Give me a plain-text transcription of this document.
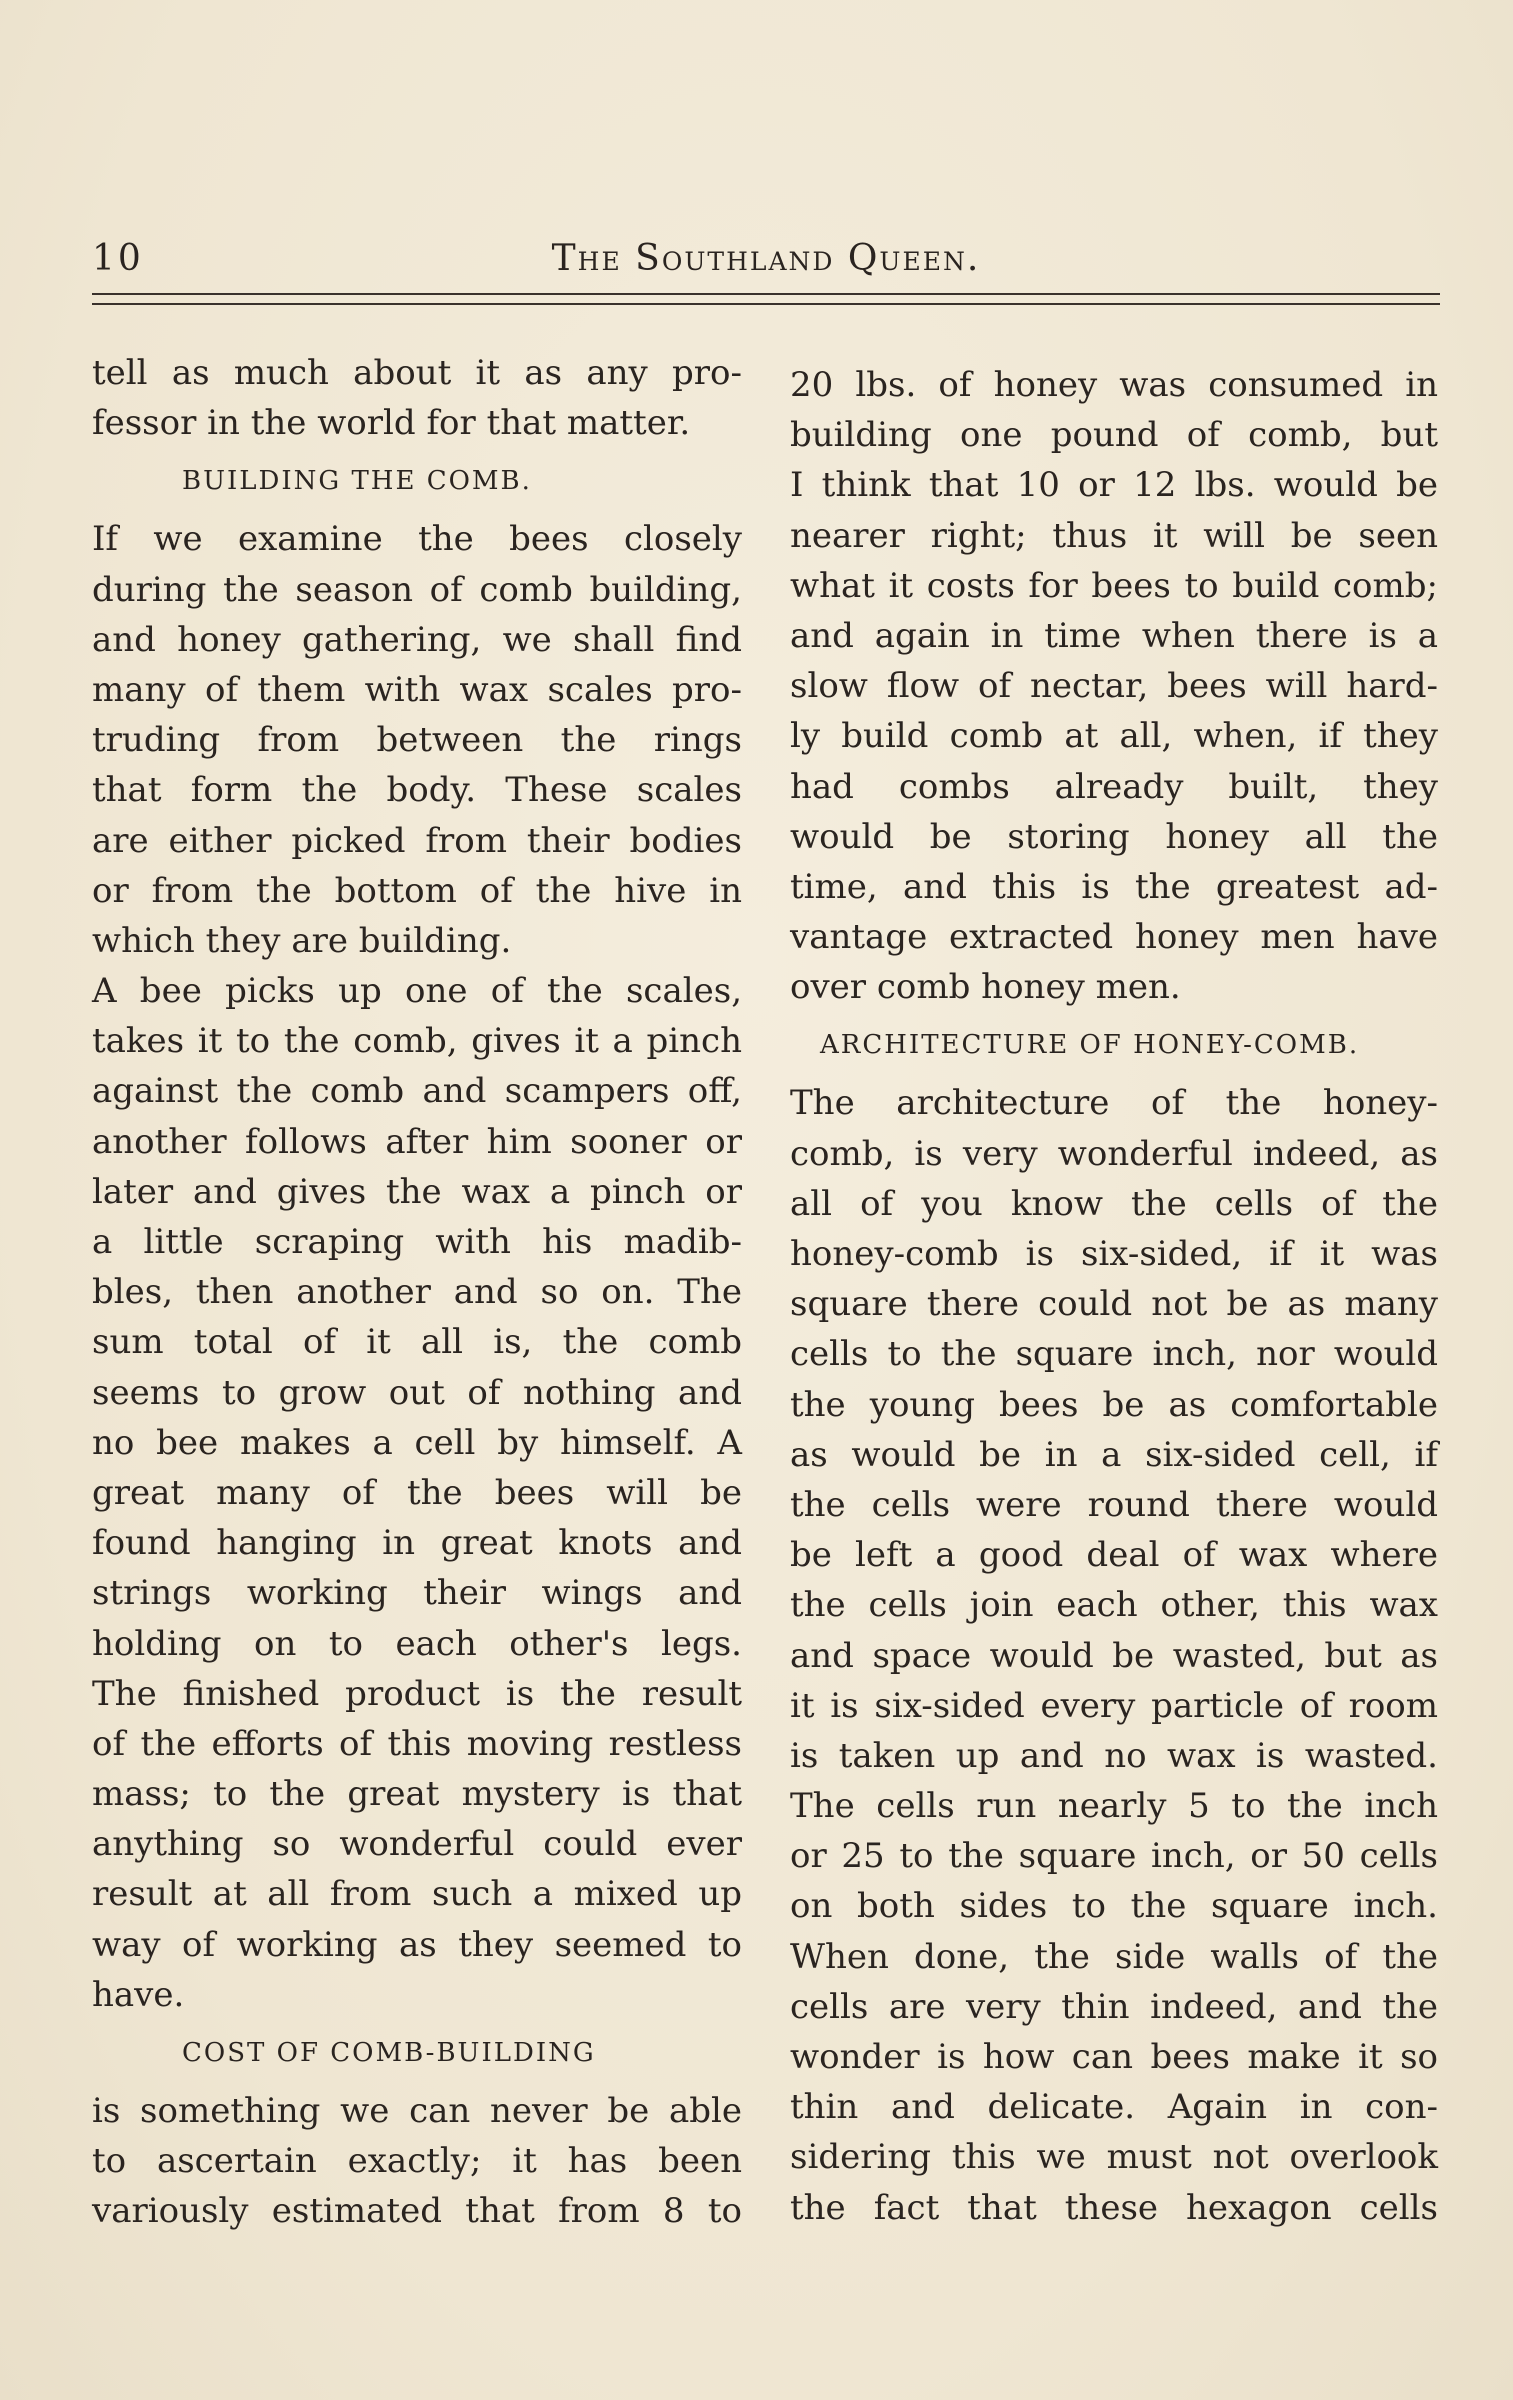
10	The Southland Queen.
tell as much about it as any pro-
fessor in the world for that matter.
BUILDING THE COMB.
If we examine the bees closely
during the season of comb building,
and honey gathering, we shall find
many of them with wax scales pro-
truding from between the rings
that form the body. These scales
are either picked from their bodies
or from the bottom of the hive in
which they are building.
A bee picks up one of the scales,
takes it to the comb, gives it a pinch
against the comb and scampers off,
another follows after him sooner or
later and gives the wax a pinch or
a little scraping with his madib-
bles, then another and so on. The
sum total of it all is, the comb
seems to grow out of nothing and
no bee makes a cell by himself. A
great many of the bees will be
found hanging in great knots and
strings working their wings and
holding on to each other's legs.
The finished product is the result
of the efforts of this moving restless
mass; to the great mystery is that
anything so wonderful could ever
result at all from such a mixed up
way of working as they seemed to
have.
COST OF COMB-BUILDING
is something we can never be able
to ascertain exactly; it has been
variously estimated that from 8 to
20 lbs. of honey was consumed in
building one pound of comb, but
I think that 10 or 12 lbs. would be
nearer right; thus it will be seen
what it costs for bees to build comb;
and again in time when there is a
slow flow of nectar, bees will hard-
ly build comb at all, when, if they
had combs already built, they
would be storing honey all the
time, and this is the greatest ad-
vantage extracted honey men have
over comb honey men.
ARCHITECTURE OF HONEY-COMB.
The architecture of the honey-
comb, is very wonderful indeed, as
all of you know the cells of the
honey-comb is six-sided, if it was
square there could not be as many
cells to the square inch, nor would
the young bees be as comfortable
as would be in a six-sided cell, if
the cells were round there would
be left a good deal of wax where
the cells join each other, this wax
and space would be wasted, but as
it is six-sided every particle of room
is taken up and no wax is wasted.
The cells run nearly 5 to the inch
or 25 to the square inch, or 50 cells
on both sides to the square inch.
When done, the side walls of the
cells are very thin indeed, and the
wonder is how can bees make it so
thin and delicate. Again in con-
sidering this we must not overlook
the fact that these hexagon cells
